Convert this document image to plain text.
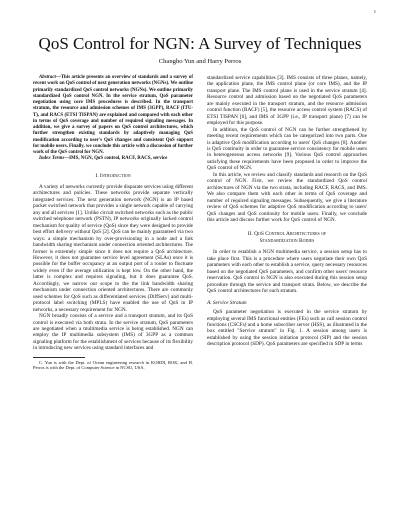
1
QoS Control for NGN: A Survey of Techniques
Changho Yun and Harry Perros

Abstract—This article presents an overview of standards and a survey of recent work on QoS control of next generation networks (NGNs). We outline primarily standardized QoS control networks (NGNs). We outline primarily standardized QoS control NGN. In the service stratum, QoS parameter negotiation using core IMS procedures is described. In the transport stratum, the resource and admission schemes of IMS (3GPP), RACF (ITU-T), and RACS (ETSI TISPAN) are explained and compared with each other in terms of QoS coverage and number of required signaling messages. In addition, we give a survey of papers on QoS control architectures, which further strengthen existing standards by adaptively managing QoS modification according to user's QoS changes and consistent QoS support for mobile users. Finally, we conclude this article with a discussion of further work of the QoS control for NGN.

Index Terms—IMS, NGN, QoS control, RACF, RACS, service

I. Introduction

A variety of networks currently provide disparate services using different architectures and policies. These networks provide separate vertically integrated services. The next generation network (NGN) is an IP based packet switched network that provides a single network capable of carrying any and all services [1]. Unlike circuit switched networks such as the public switched telephone network (PSTN), IP networks originally lacked control mechanism for quality of service (QoS) since they were designed to provide best effort delivery without QoS [2]. QoS can be mainly guaranteed via two ways: a simple mechanism by over-provisioning in a node and a link bandwidth sharing mechanism under connection oriented architectures. The former is extremely simple since it does not require a QoS architecture. However, it does not guarantee service level agreement (SLAs) once it is possible for the buffer occupancy at an output port of a router to fluctuate widely even if the average utilization is kept low. On the other hand, the latter is complex and requires signaling, but it does guarantee QoS. Accordingly, we narrow our scope to the the link bandwidth sharing mechanism under connection oriented architectures. There are commonly used schemes for QoS such as differentiated services (DiffServ) and multi-protocol label switching (MPLS) have enabled the use of QoS in IP networks, a necessary requirement for NGN.

NGN broadly consists of a service and a transport stratum, and its QoS control is executed via both strata. In the service stratum, QoS parameters are negotiated when a multimedia service is being established. NGN can employ the IP multimedia subsystem (IMS) of 3GPP as a common signaling platform for the establishment of services because of its flexibility in introducing new services using standard interfaces and

C. Yun is with the Dept. of Ocean engineering research in KORDI, ROK, and H. Perros is with the Dept. of Computer Science in NCSU, USA.

standardized service capabilities [3]. IMS consists of three planes, namely, the application plane, the IMS control plane (or core IMS), and the IP transport plane. The IMS control plane is used in the service stratum [4]. Resource control and admission based on the negotiated QoS parameters are mainly executed in the transport stratum, and the resource admission control function (RACF) [5], the resource access control system (RACS) of ETSI TISPAN [6], and IMS of 3GPP (i.e., IP transport plane) [7] can be employed for this purpose.

In addition, the QoS control of NGN can be further strengthened by meeting recent requirements which can be categorized into two parts. One is adaptive QoS modification according to users' QoS changes [8]. Another is QoS continuity in order to guarantee service consistency for mobile users in heterogeneous access networks [9]. Various QoS control approaches satisfying these requirements have been proposed in order to improve the QoS control of NGN.

In this article, we review and classify standards and research on the QoS control of NGN. First, we review the standardized QoS control architectures of NGN via the two strata, including RACF, RACS, and IMS. We also compare them with each other in terms of QoS coverage and number of required signaling messages. Subsequently, we give a literature review of QoS schemes for adaptive QoS modification according to users' QoS changes and QoS continuity for mobile users. Finally, we conclude this article and discuss further work for QoS control of NGN.

II. QoS Control Architectures of
Standardization Bodies

In order to establish a NGN multimedia service, a session setup has to take place first. This is a procedure where users negotiate their own QoS parameters with each other to establish a service, query necessary resources based on the negotiated QoS parameters, and confirm other users' resource reservation. QoS control in NGN is also executed during this session setup procedure through the service and transport strata. Below, we describe the QoS control architectures for each stratum.

A. Service Stratum

QoS parameter negotiation is executed in the service stratum by employing several IMS functional entities (FEs) such as call session control functions (CSCFs) and a home subscriber server (HSS), as illustrated in the box entitled "Service stratum" in Fig. 1. A session among users is established by using the session initiation protocol (SIP) and the session description protocol (SDP). QoS parameters are specified in SDP in terms
